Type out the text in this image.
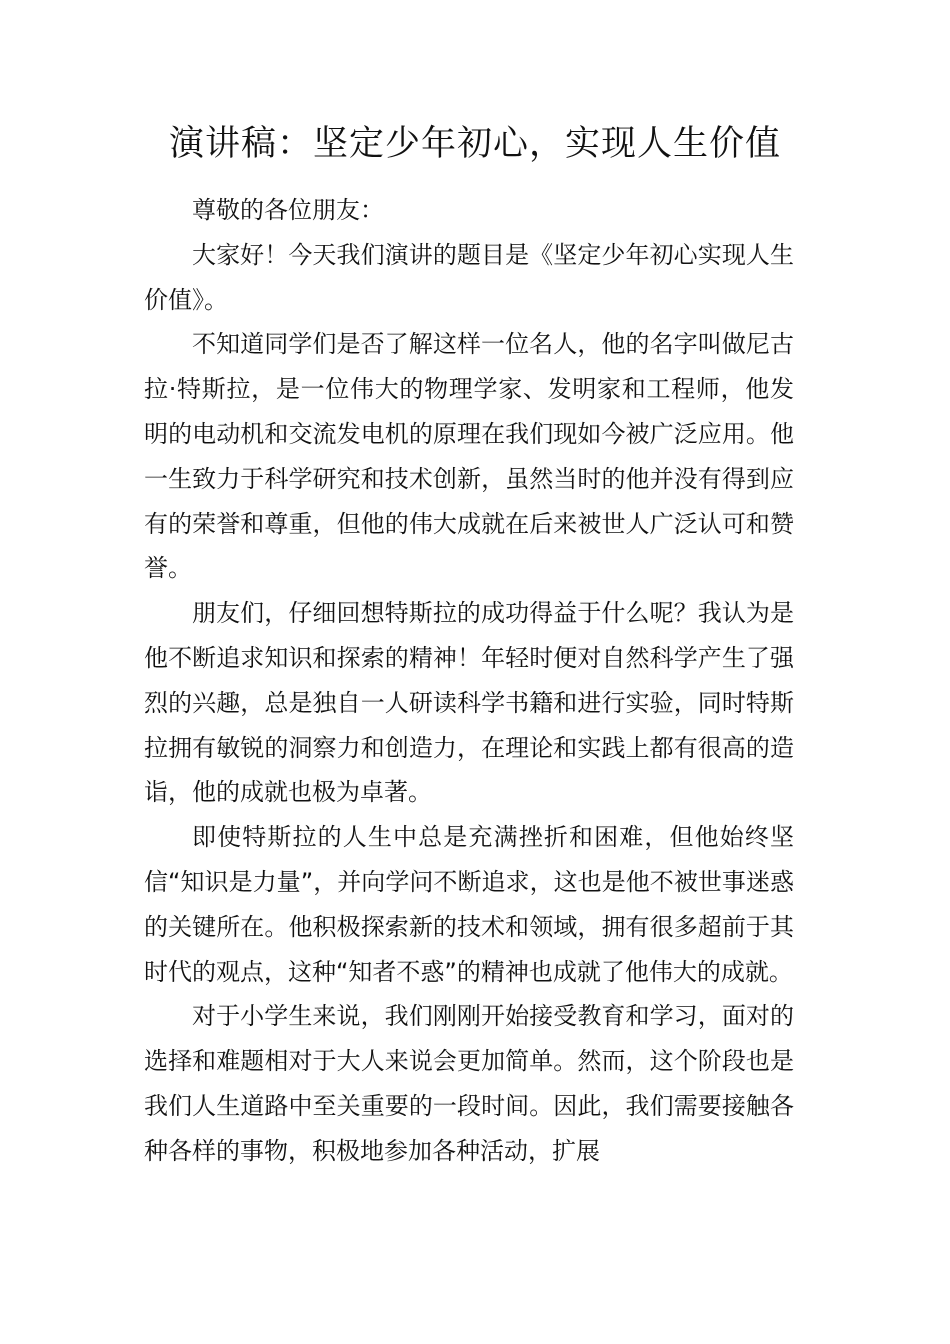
演讲稿：坚定少年初心，实现人生价值

尊敬的各位朋友：

大家好！今天我们演讲的题目是《坚定少年初心实现人生价值》。

不知道同学们是否了解这样一位名人，他的名字叫做尼古拉·特斯拉，是一位伟大的物理学家、发明家和工程师，他发明的电动机和交流发电机的原理在我们现如今被广泛应用。他一生致力于科学研究和技术创新，虽然当时的他并没有得到应有的荣誉和尊重，但他的伟大成就在后来被世人广泛认可和赞誉。

朋友们，仔细回想特斯拉的成功得益于什么呢？我认为是他不断追求知识和探索的精神！年轻时便对自然科学产生了强烈的兴趣，总是独自一人研读科学书籍和进行实验，同时特斯拉拥有敏锐的洞察力和创造力，在理论和实践上都有很高的造诣，他的成就也极为卓著。

即使特斯拉的人生中总是充满挫折和困难，但他始终坚信“知识是力量”，并向学问不断追求，这也是他不被世事迷惑的关键所在。他积极探索新的技术和领域，拥有很多超前于其时代的观点，这种“知者不惑”的精神也成就了他伟大的成就。

对于小学生来说，我们刚刚开始接受教育和学习，面对的选择和难题相对于大人来说会更加简单。然而，这个阶段也是我们人生道路中至关重要的一段时间。因此，我们需要接触各种各样的事物，积极地参加各种活动，扩展
